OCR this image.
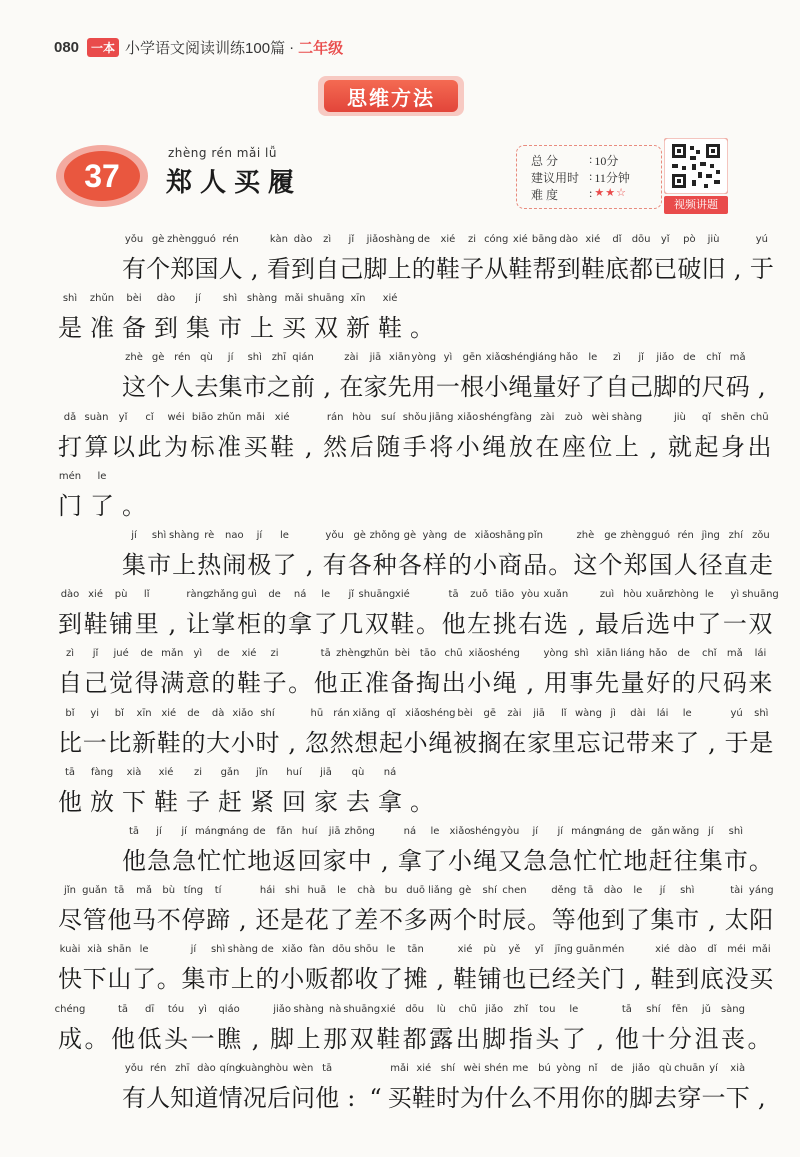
080	一本 小学语文阅读训练100篇 · 二年级
思维方法
37
zhèng rén mǎi lǚ
郑人买履
总 分	: 10分
建议用时 : 11分钟
难 度	: ★★☆
视频讲题
yǒu
有
gè
个
zhèng
郑
guó
国
rén
人 ,
kàn
看
dào
到
zì
自
jǐ
己
jiǎo
脚
shàng
上
de
的
xié
鞋
zi
子
cóng
从
xié
鞋
bāng
帮
dào
到
xié
鞋
dǐ
底
dōu
都
yǐ
已
pò
破
jiù
旧 ,
yú
于
shì
是
zhǔn
准
bèi
备
dào
到
jí
集
shì
市
shàng
上
mǎi
买
shuāng
双
xīn
新
xié
鞋 。
zhè
这
gè
个
rén
人
qù
去
jí
集
shì
市
zhī
之
qián
前 ,
zài
在
jiā
家
xiān
先
yòng
用
yì
一
gēn
根
xiǎo
小
shéng
绳
liáng
量
hǎo
好
le
了
zì
自
jǐ
己
jiǎo
脚
de
的
chǐ
尺
mǎ
码 ,
dǎ
打
suàn
算
yǐ
以
cǐ
此
wéi
为
biāo
标
zhǔn
准
mǎi
买
xié
鞋 ,
rán
然
hòu
后
suí
随
shǒu
手
jiāng
将
xiǎo
小
shéng
绳
fàng
放
zài
在
zuò
座
wèi
位
shàng
上 ,
jiù
就
qǐ
起
shēn
身
chū
出
mén
门
le
了 。
jí
集
shì
市
shàng
上
rè
热
nao
闹
jí
极
le
了 ,
yǒu
有
gè
各
zhǒng
种
gè
各
yàng
样
de
的
xiǎo
小
shāng
商
pǐn
品 。
zhè
这
ge
个
zhèng
郑
guó
国
rén
人
jìng
径
zhí
直
zǒu
走
dào
到
xié
鞋
pù
铺
lǐ
里 ,
ràng
让
zhǎng
掌
guì
柜
de
的
ná
拿
le
了
jǐ
几
shuāng
双
xié
鞋 。
tā
他
zuǒ
左
tiāo
挑
yòu
右
xuǎn
选 ,
zuì
最
hòu
后
xuǎn
选
zhòng
中
le
了
yì
一
shuāng
双
zì
自
jǐ
己
jué
觉
de
得
mǎn
满
yì
意
de
的
xié
鞋
zi
子 。
tā
他
zhèng
正
zhǔn
准
bèi
备
tāo
掏
chū
出
xiǎo
小
shéng
绳 ,
yòng
用
shì
事
xiān
先
liáng
量
hǎo
好
de
的
chǐ
尺
mǎ
码
lái
来
bǐ
比
yi
一
bǐ
比
xīn
新
xié
鞋
de
的
dà
大
xiǎo
小
shí
时 ,
hū
忽
rán
然
xiǎng
想
qǐ
起
xiǎo
小
shéng
绳
bèi
被
gē
搁
zài
在
jiā
家
lǐ
里
wàng
忘
jì
记
dài
带
lái
来
le
了 ,
yú
于
shì
是
tā
他
fàng
放
xià
下
xié
鞋
zi
子
gǎn
赶
jǐn
紧
huí
回
jiā
家
qù
去
ná
拿 。
tā
他
jí
急
jí
急
máng
忙
máng
忙
de
地
fǎn
返
huí
回
jiā
家
zhōng
中 ,
ná
拿
le
了
xiǎo
小
shéng
绳
yòu
又
jí
急
jí
急
máng
忙
máng
忙
de
地
gǎn
赶
wǎng
往
jí
集
shì
市 。
jǐn
尽
guǎn
管
tā
他
mǎ
马
bù
不
tíng
停
tí
蹄 ,
hái
还
shi
是
huā
花
le
了
chà
差
bu
不
duō
多
liǎng
两
gè
个
shí
时
chen
辰 。
děng
等
tā
他
dào
到
le
了
jí
集
shì
市 ,
tài
太
yáng
阳
kuài
快
xià
下
shān
山
le
了 。
jí
集
shì
市
shàng
上
de
的
xiǎo
小
fàn
贩
dōu
都
shōu
收
le
了
tān
摊 ,
xié
鞋
pù
铺
yě
也
yǐ
已
jīng
经
guān
关
mén
门 ,
xié
鞋
dào
到
dǐ
底
méi
没
mǎi
买
chéng
成 。
tā
他
dī
低
tóu
头
yì
一
qiáo
瞧 ,
jiǎo
脚
shàng
上
nà
那
shuāng
双
xié
鞋
dōu
都
lù
露
chū
出
jiǎo
脚
zhǐ
指
tou
头
le
了 ,
tā
他
shí
十
fēn
分
jǔ
沮
sàng
丧 。
yǒu
有
rén
人
zhī
知
dào
道
qíng
情
kuàng
况
hòu
后
wèn
问
tā
他 : “
mǎi
买
xié
鞋
shí
时
wèi
为
shén
什
me
么
bú
不
yòng
用
nǐ
你
de
的
jiǎo
脚
qù
去
chuān
穿
yí
一
xià
下 ,
